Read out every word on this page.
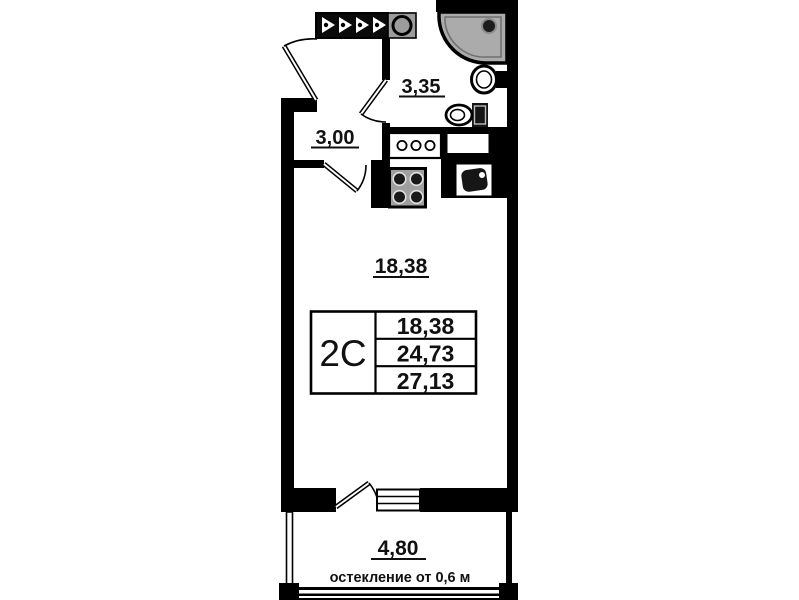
3,35
3,00
18,38
4,80
остекление от 0,6 м
2С
18,38
24,73
27,13
